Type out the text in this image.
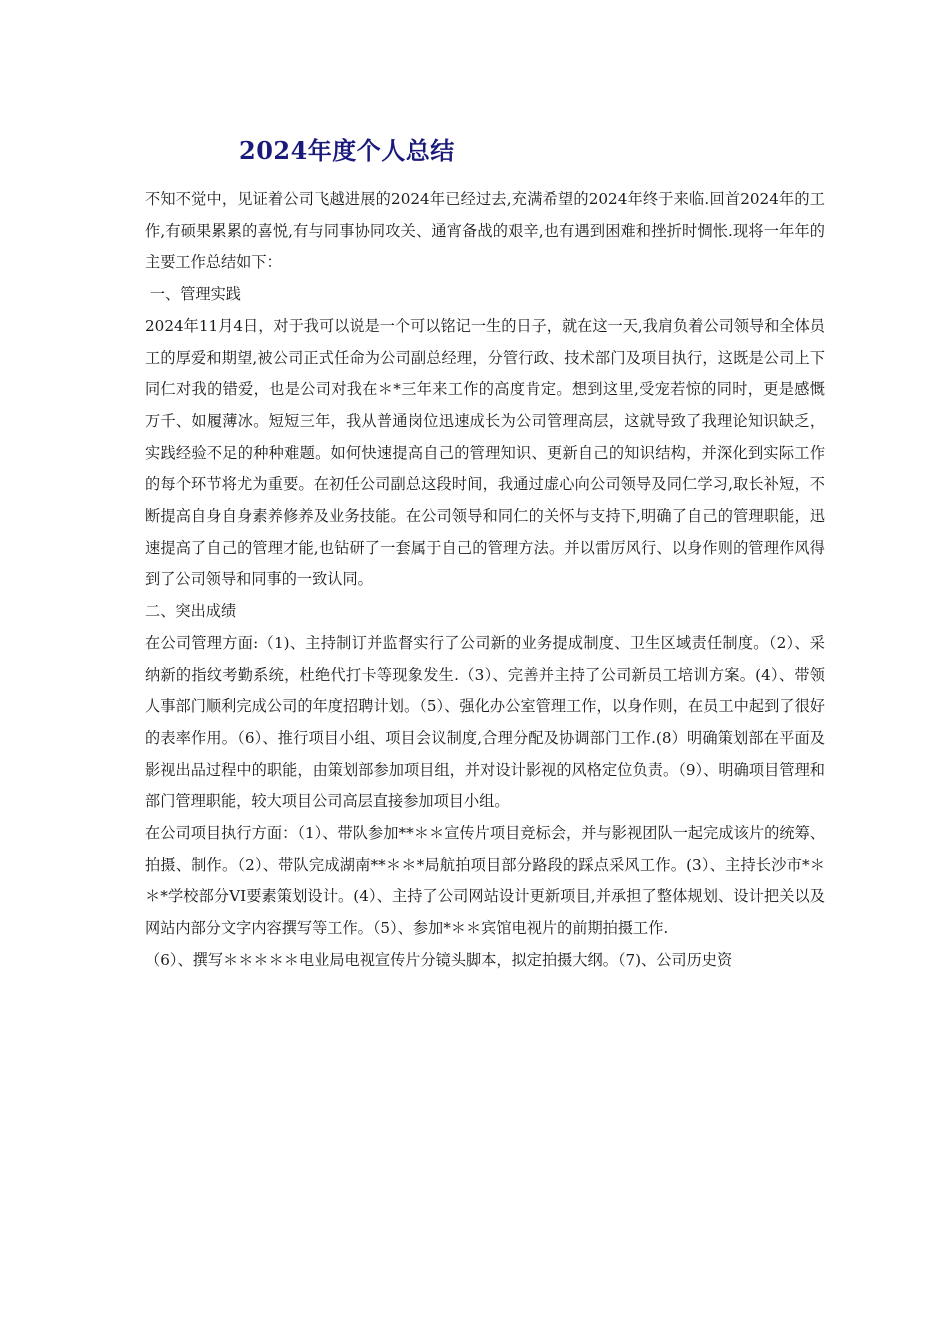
2024年度个人总结

不知不觉中，见证着公司飞越进展的2024年已经过去,充满希望的2024年终于来临.回首2024年的工作,有硕果累累的喜悦,有与同事协同攻关、通宵备战的艰辛,也有遇到困难和挫折时惆怅.现将一年年的主要工作总结如下：

一、管理实践

2024年11月4日，对于我可以说是一个可以铭记一生的日子，就在这一天,我肩负着公司领导和全体员工的厚爱和期望,被公司正式任命为公司副总经理，分管行政、技术部门及项目执行，这既是公司上下同仁对我的错爱，也是公司对我在＊*三年来工作的高度肯定。想到这里,受宠若惊的同时，更是感慨万千、如履薄冰。短短三年，我从普通岗位迅速成长为公司管理高层，这就导致了我理论知识缺乏，实践经验不足的种种难题。如何快速提高自己的管理知识、更新自己的知识结构，并深化到实际工作的每个环节将尤为重要。在初任公司副总这段时间，我通过虚心向公司领导及同仁学习,取长补短，不断提高自身自身素养修养及业务技能。在公司领导和同仁的关怀与支持下,明确了自己的管理职能，迅速提高了自己的管理才能,也钻研了一套属于自己的管理方法。并以雷厉风行、以身作则的管理作风得到了公司领导和同事的一致认同。

二、突出成绩

在公司管理方面:（1)、主持制订并监督实行了公司新的业务提成制度、卫生区域责任制度。（2）、采纳新的指纹考勤系统，杜绝代打卡等现象发生.（3）、完善并主持了公司新员工培训方案。(4）、带领人事部门顺利完成公司的年度招聘计划。（5）、强化办公室管理工作，以身作则，在员工中起到了很好的表率作用。（6）、推行项目小组、项目会议制度,合理分配及协调部门工作.(8）明确策划部在平面及影视出品过程中的职能，由策划部参加项目组，并对设计影视的风格定位负责。（9）、明确项目管理和部门管理职能，较大项目公司高层直接参加项目小组。

在公司项目执行方面：（1）、带队参加**＊＊宣传片项目竞标会，并与影视团队一起完成该片的统筹、拍摄、制作。（2）、带队完成湖南**＊＊*局航拍项目部分路段的踩点采风工作。(3）、主持长沙市*＊＊*学校部分VI要素策划设计。(4）、主持了公司网站设计更新项目,并承担了整体规划、设计把关以及网站内部分文字内容撰写等工作。（5）、参加*＊＊宾馆电视片的前期拍摄工作.

（6）、撰写＊＊＊＊＊电业局电视宣传片分镜头脚本，拟定拍摄大纲。（7)、公司历史资
